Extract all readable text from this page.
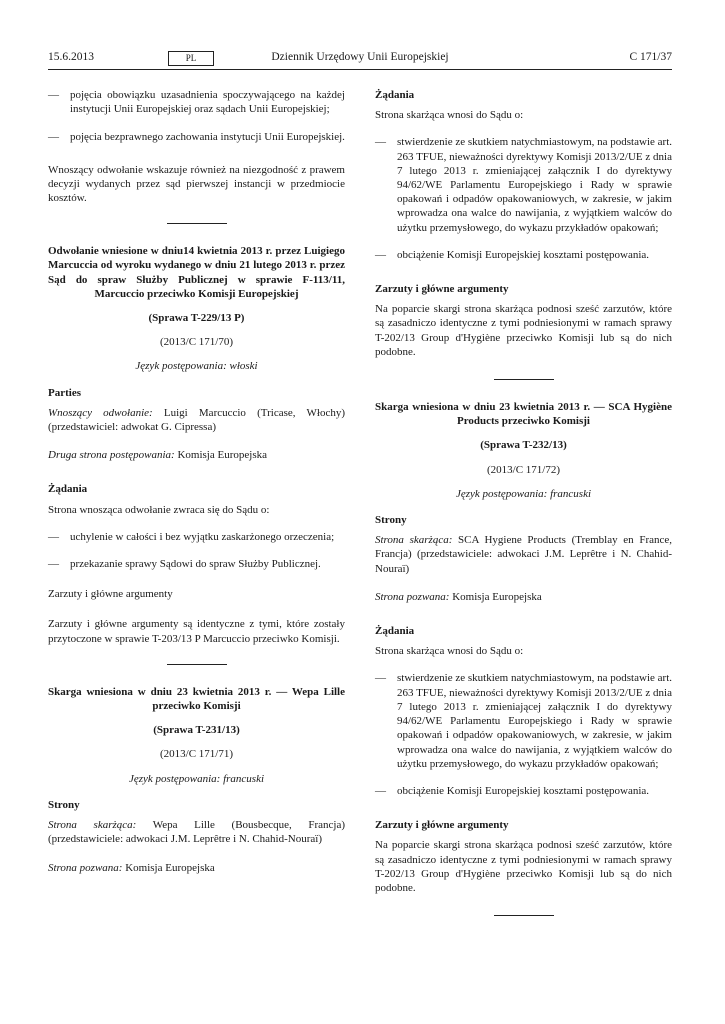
Dziennik Urzędowy Unii Europejskiej
15.6.2013	PL	C 171/37
—	pojęcia obowiązku uzasadnienia spoczywającego na każdej instytucji Unii Europejskiej oraz sądach Unii Europejskiej;
—	pojęcia bezprawnego zachowania instytucji Unii Europejskiej.

Wnoszący odwołanie wskazuje również na niezgodność z prawem decyzji wydanych przez sąd pierwszej instancji w przedmiocie kosztów.

Odwołanie wniesione w dniu14 kwietnia 2013 r. przez Luigiego Marcuccia od wyroku wydanego w dniu 21 lutego 2013 r. przez Sąd do spraw Służby Publicznej w sprawie F-113/11, Marcuccio przeciwko Komisji Europejskiej

(Sprawa T-229/13 P)

(2013/C 171/70)

Język postępowania: włoski

Parties

Wnoszący odwołanie: Luigi Marcuccio (Tricase, Włochy) (przedstawiciel: adwokat G. Cipressa)

Druga strona postępowania: Komisja Europejska

Żądania

Strona wnosząca odwołanie zwraca się do Sądu o:

—	uchylenie w całości i bez wyjątku zaskarżonego orzeczenia;
—	przekazanie sprawy Sądowi do spraw Służby Publicznej.

Zarzuty i główne argumenty

Zarzuty i główne argumenty są identyczne z tymi, które zostały przytoczone w sprawie T-203/13 P Marcuccio przeciwko Komisji.

Skarga wniesiona w dniu 23 kwietnia 2013 r. — Wepa Lille przeciwko Komisji

(Sprawa T-231/13)

(2013/C 171/71)

Język postępowania: francuski

Strony

Strona skarżąca: Wepa Lille (Bousbecque, Francja) (przedstawiciele: adwokaci J.M. Leprêtre i N. Chahid-Nouraï)

Strona pozwana: Komisja Europejska

Żądania

Strona skarżąca wnosi do Sądu o:

—	stwierdzenie ze skutkiem natychmiastowym, na podstawie art. 263 TFUE, nieważności dyrektywy Komisji 2013/2/UE z dnia 7 lutego 2013 r. zmieniającej załącznik I do dyrektywy 94/62/WE Parlamentu Europejskiego i Rady w sprawie opakowań i odpadów opakowaniowych, w zakresie, w jakim wprowadza ona walce do nawijania, z wyjątkiem walców do użytku przemysłowego, do wykazu przykładów opakowań;
—	obciążenie Komisji Europejskiej kosztami postępowania.

Zarzuty i główne argumenty

Na poparcie skargi strona skarżąca podnosi sześć zarzutów, które są zasadniczo identyczne z tymi podniesionymi w ramach sprawy T-202/13 Group d'Hygiène przeciwko Komisji lub są do nich podobne.

Skarga wniesiona w dniu 23 kwietnia 2013 r. — SCA Hygiène Products przeciwko Komisji

(Sprawa T-232/13)

(2013/C 171/72)

Język postępowania: francuski

Strony

Strona skarżąca: SCA Hygiene Products (Tremblay en France, Francja) (przedstawiciele: adwokaci J.M. Leprêtre i N. Chahid-Nouraï)

Strona pozwana: Komisja Europejska

Żądania

Strona skarżąca wnosi do Sądu o:

—	stwierdzenie ze skutkiem natychmiastowym, na podstawie art. 263 TFUE, nieważności dyrektywy Komisji 2013/2/UE z dnia 7 lutego 2013 r. zmieniającej załącznik I do dyrektywy 94/62/WE Parlamentu Europejskiego i Rady w sprawie opakowań i odpadów opakowaniowych, w zakresie, w jakim wprowadza ona walce do nawijania, z wyjątkiem walców do użytku przemysłowego, do wykazu przykładów opakowań;
—	obciążenie Komisji Europejskiej kosztami postępowania.

Zarzuty i główne argumenty

Na poparcie skargi strona skarżąca podnosi sześć zarzutów, które są zasadniczo identyczne z tymi podniesionymi w ramach sprawy T-202/13 Group d'Hygiène przeciwko Komisji lub są do nich podobne.
